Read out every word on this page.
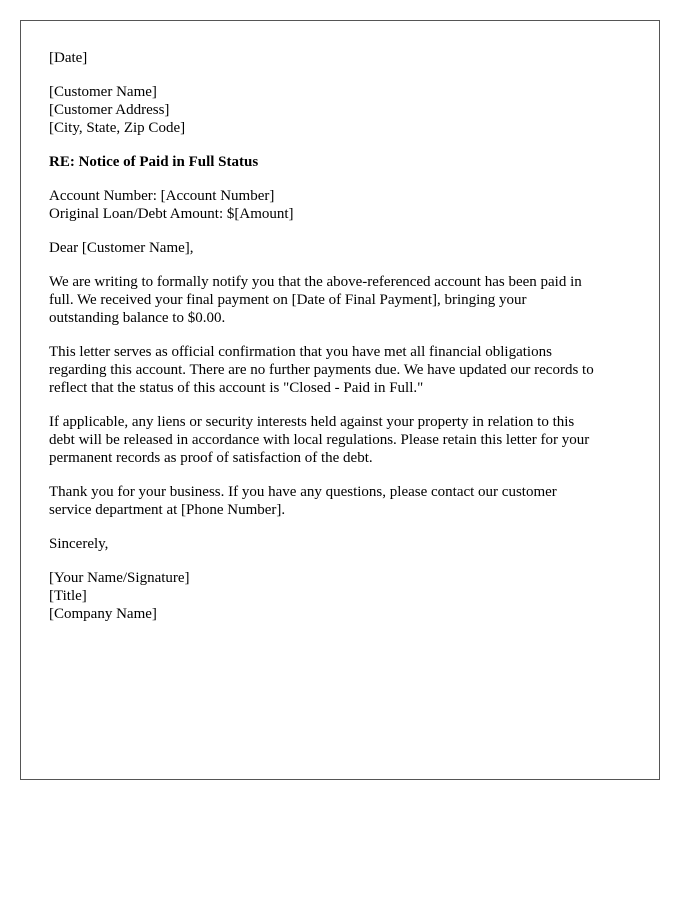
[Date]
[Customer Name]
[Customer Address]
[City, State, Zip Code]
RE: Notice of Paid in Full Status
Account Number: [Account Number]
Original Loan/Debt Amount: $[Amount]
Dear [Customer Name],
We are writing to formally notify you that the above-referenced account has been paid in
full. We received your final payment on [Date of Final Payment], bringing your
outstanding balance to $0.00.
This letter serves as official confirmation that you have met all financial obligations
regarding this account. There are no further payments due. We have updated our records to
reflect that the status of this account is "Closed - Paid in Full."
If applicable, any liens or security interests held against your property in relation to this
debt will be released in accordance with local regulations. Please retain this letter for your
permanent records as proof of satisfaction of the debt.
Thank you for your business. If you have any questions, please contact our customer
service department at [Phone Number].
Sincerely,
[Your Name/Signature]
[Title]
[Company Name]
